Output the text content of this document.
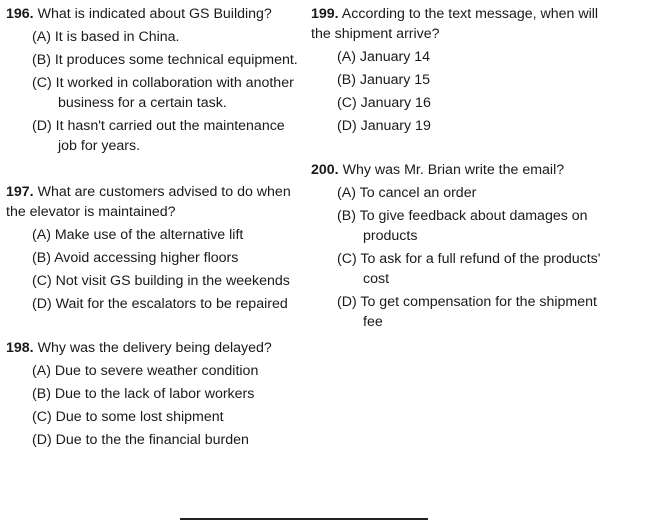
196. What is indicated about GS Building?

(A) It is based in China.
(B) It produces some technical equipment.
(C) It worked in collaboration with another business for a certain task.
(D) It hasn't carried out the maintenance job for years.

197. What are customers advised to do when the elevator is maintained?

(A) Make use of the alternative lift
(B) Avoid accessing higher floors
(C) Not visit GS building in the weekends
(D) Wait for the escalators to be repaired

198. Why was the delivery being delayed?

(A) Due to severe weather condition
(B) Due to the lack of labor workers
(C) Due to some lost shipment
(D) Due to the the financial burden

199. According to the text message, when will the shipment arrive?

(A) January 14
(B) January 15
(C) January 16
(D) January 19

200. Why was Mr. Brian write the email?

(A) To cancel an order
(B) To give feedback about damages on products
(C) To ask for a full refund of the products' cost
(D) To get compensation for the shipment fee
